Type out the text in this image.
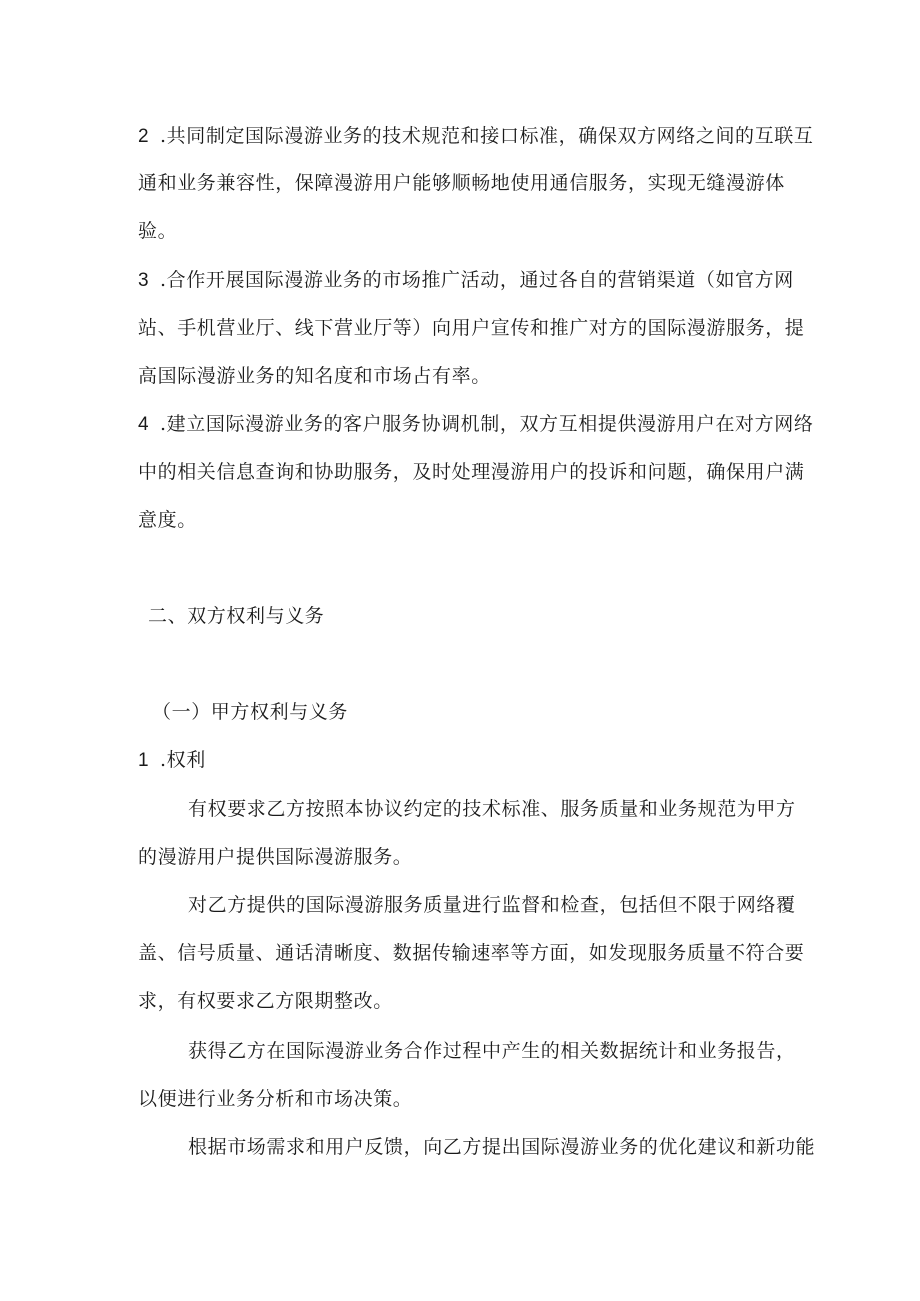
2 .共同制定国际漫游业务的技术规范和接口标准，确保双方网络之间的互联互
通和业务兼容性，保障漫游用户能够顺畅地使用通信服务，实现无缝漫游体
验。
3 .合作开展国际漫游业务的市场推广活动，通过各自的营销渠道（如官方网
站、手机营业厅、线下营业厅等）向用户宣传和推广对方的国际漫游服务，提
高国际漫游业务的知名度和市场占有率。
4 .建立国际漫游业务的客户服务协调机制，双方互相提供漫游用户在对方网络
中的相关信息查询和协助服务，及时处理漫游用户的投诉和问题，确保用户满
意度。
二、双方权利与义务
（一）甲方权利与义务
1 .权利
有权要求乙方按照本协议约定的技术标准、服务质量和业务规范为甲方
的漫游用户提供国际漫游服务。
对乙方提供的国际漫游服务质量进行监督和检查，包括但不限于网络覆
盖、信号质量、通话清晰度、数据传输速率等方面，如发现服务质量不符合要
求，有权要求乙方限期整改。
获得乙方在国际漫游业务合作过程中产生的相关数据统计和业务报告，
以便进行业务分析和市场决策。
根据市场需求和用户反馈，向乙方提出国际漫游业务的优化建议和新功能
